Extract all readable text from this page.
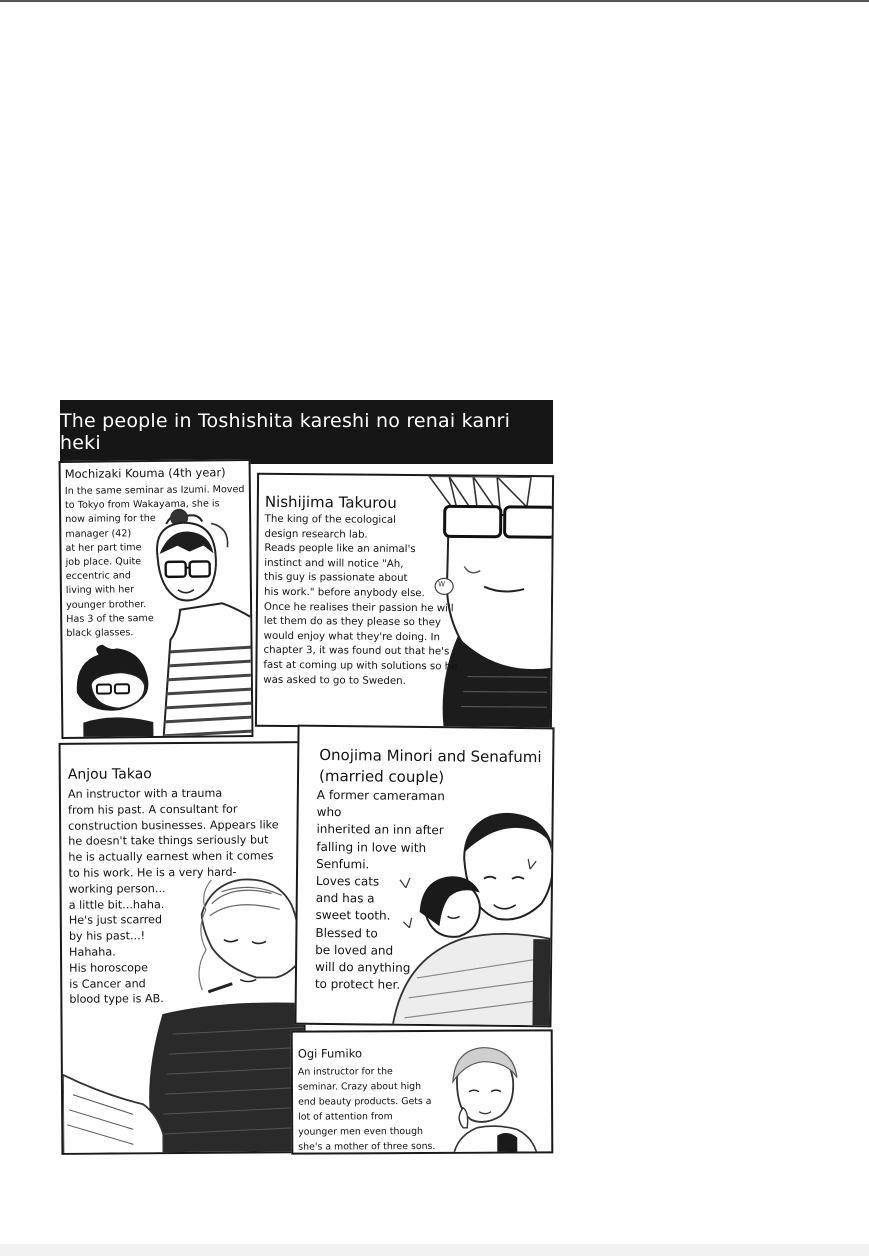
The people in Toshishita kareshi no renai kanri heki
Mochizaki Kouma (4th year)
In the same seminar as Izumi. Moved
to Tokyo from Wakayama, she is
now aiming for the
manager (42)
at her part time
job place. Quite
eccentric and
living with her
younger brother.
Has 3 of the same
black glasses.
W
Nishijima Takurou
The king of the ecological
design research lab.
Reads people like an animal's
instinct and will notice "Ah,
this guy is passionate about
his work." before anybody else.
Once he realises their passion he will
let them do as they please so they
would enjoy what they're doing. In
chapter 3, it was found out that he's
fast at coming up with solutions so he
was asked to go to Sweden.
Anjou Takao
An instructor with a trauma
from his past. A consultant for
construction businesses. Appears like
he doesn't take things seriously but
he is actually earnest when it comes
to his work. He is a very hard-
working person...
a little bit...haha.
He's just scarred
by his past...!
Hahaha.
His horoscope
is Cancer and
blood type is AB.
Onojima Minori and Senafumi (married couple)
A former cameraman who
inherited an inn after
falling in love with
Senfumi.
Loves cats
and has a
sweet tooth.
Blessed to
be loved and
will do anything
to protect her.
Ogi Fumiko
An instructor for the
seminar. Crazy about high
end beauty products. Gets a
lot of attention from
younger men even though
she's a mother of three sons.
